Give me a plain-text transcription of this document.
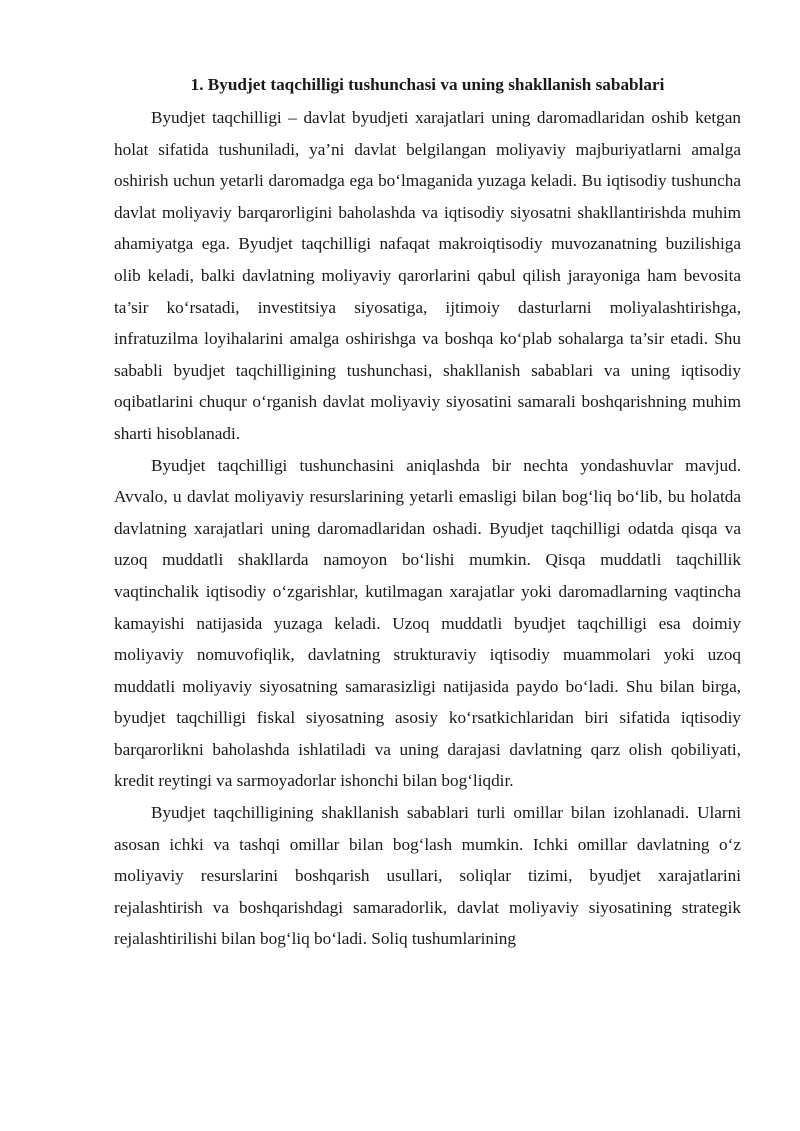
1. Byudjet taqchilligi tushunchasi va uning shakllanish sabablari

Byudjet taqchilligi – davlat byudjeti xarajatlari uning daromadlaridan oshib ketgan holat sifatida tushuniladi, ya’ni davlat belgilangan moliyaviy majburiyatlarni amalga oshirish uchun yetarli daromadga ega bo‘lmaganida yuzaga keladi. Bu iqtisodiy tushuncha davlat moliyaviy barqarorligini baholashda va iqtisodiy siyosatni shakllantirishda muhim ahamiyatga ega. Byudjet taqchilligi nafaqat makroiqtisodiy muvozanatning buzilishiga olib keladi, balki davlatning moliyaviy qarorlarini qabul qilish jarayoniga ham bevosita ta’sir ko‘rsatadi, investitsiya siyosatiga, ijtimoiy dasturlarni moliyalashtirishga, infratuzilma loyihalarini amalga oshirishga va boshqa ko‘plab sohalarga ta’sir etadi. Shu sababli byudjet taqchilligining tushunchasi, shakllanish sabablari va uning iqtisodiy oqibatlarini chuqur o‘rganish davlat moliyaviy siyosatini samarali boshqarishning muhim sharti hisoblanadi.

Byudjet taqchilligi tushunchasini aniqlashda bir nechta yondashuvlar mavjud. Avvalo, u davlat moliyaviy resurslarining yetarli emasligi bilan bog‘liq bo‘lib, bu holatda davlatning xarajatlari uning daromadlaridan oshadi. Byudjet taqchilligi odatda qisqa va uzoq muddatli shakllarda namoyon bo‘lishi mumkin. Qisqa muddatli taqchillik vaqtinchalik iqtisodiy o‘zgarishlar, kutilmagan xarajatlar yoki daromadlarning vaqtincha kamayishi natijasida yuzaga keladi. Uzoq muddatli byudjet taqchilligi esa doimiy moliyaviy nomuvofiqlik, davlatning strukturaviy iqtisodiy muammolari yoki uzoq muddatli moliyaviy siyosatning samarasizligi natijasida paydo bo‘ladi. Shu bilan birga, byudjet taqchilligi fiskal siyosatning asosiy ko‘rsatkichlaridan biri sifatida iqtisodiy barqarorlikni baholashda ishlatiladi va uning darajasi davlatning qarz olish qobiliyati, kredit reytingi va sarmoyadorlar ishonchi bilan bog‘liqdir.

Byudjet taqchilligining shakllanish sabablari turli omillar bilan izohlanadi. Ularni asosan ichki va tashqi omillar bilan bog‘lash mumkin. Ichki omillar davlatning o‘z moliyaviy resurslarini boshqarish usullari, soliqlar tizimi, byudjet xarajatlarini rejalashtirish va boshqarishdagi samaradorlik, davlat moliyaviy siyosatining strategik rejalashtirilishi bilan bog‘liq bo‘ladi. Soliq tushumlarining
